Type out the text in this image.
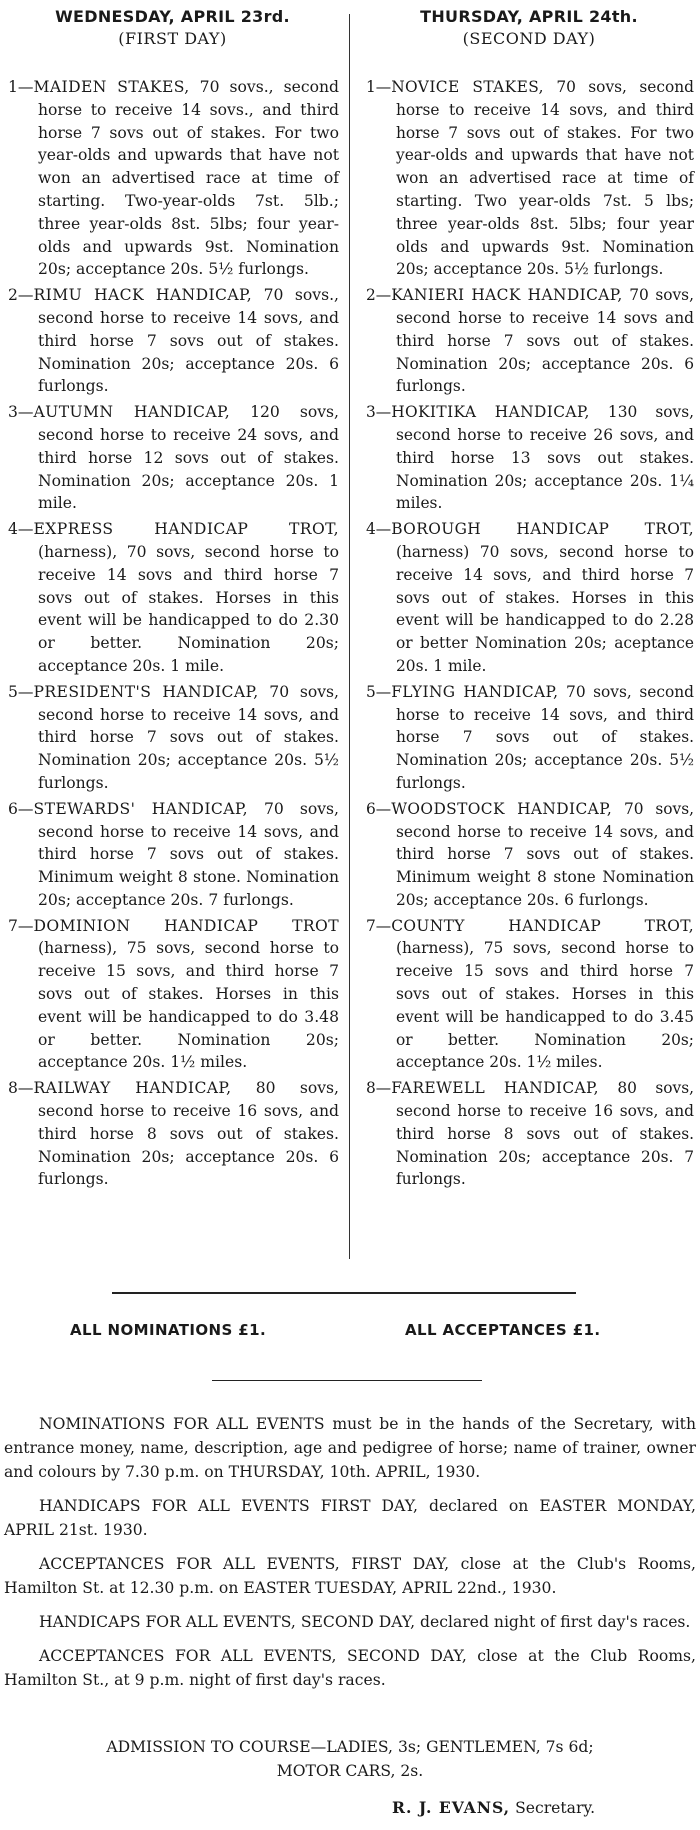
WEDNESDAY, APRIL 23rd.
(FIRST DAY)
1—MAIDEN STAKES, 70 sovs., second horse to receive 14 sovs., and third horse 7 sovs out of stakes. For two year-olds and upwards that have not won an advertised race at time of starting. Two-year-olds 7st. 5lb.; three year-olds 8st. 5lbs; four year-olds and upwards 9st. Nomination 20s; acceptance 20s. 5½ furlongs.
2—RIMU HACK HANDICAP, 70 sovs., second horse to receive 14 sovs, and third horse 7 sovs out of stakes. Nomination 20s; acceptance 20s. 6 furlongs.
3—AUTUMN HANDICAP, 120 sovs, second horse to receive 24 sovs, and third horse 12 sovs out of stakes. Nomination 20s; acceptance 20s. 1 mile.
4—EXPRESS HANDICAP TROT, (harness), 70 sovs, second horse to receive 14 sovs and third horse 7 sovs out of stakes. Horses in this event will be handicapped to do 2.30 or better. Nomination 20s; acceptance 20s. 1 mile.
5—PRESIDENT'S HANDICAP, 70 sovs, second horse to receive 14 sovs, and third horse 7 sovs out of stakes. Nomination 20s; acceptance 20s. 5½ furlongs.
6—STEWARDS' HANDICAP, 70 sovs, second horse to receive 14 sovs, and third horse 7 sovs out of stakes. Minimum weight 8 stone. Nomination 20s; acceptance 20s. 7 furlongs.
7—DOMINION HANDICAP TROT (harness), 75 sovs, second horse to receive 15 sovs, and third horse 7 sovs out of stakes. Horses in this event will be handicapped to do 3.48 or better. Nomination 20s; acceptance 20s. 1½ miles.
8—RAILWAY HANDICAP, 80 sovs, second horse to receive 16 sovs, and third horse 8 sovs out of stakes. Nomination 20s; acceptance 20s. 6 furlongs.
THURSDAY, APRIL 24th.
(SECOND DAY)
1—NOVICE STAKES, 70 sovs, second horse to receive 14 sovs, and third horse 7 sovs out of stakes. For two year-olds and upwards that have not won an advertised race at time of starting. Two year-olds 7st. 5 lbs; three year-olds 8st. 5lbs; four year olds and upwards 9st. Nomination 20s; acceptance 20s. 5½ furlongs.
2—KANIERI HACK HANDICAP, 70 sovs, second horse to receive 14 sovs and third horse 7 sovs out of stakes. Nomination 20s; acceptance 20s. 6 furlongs.
3—HOKITIKA HANDICAP, 130 sovs, second horse to receive 26 sovs, and third horse 13 sovs out stakes. Nomination 20s; acceptance 20s. 1¼ miles.
4—BOROUGH HANDICAP TROT, (harness) 70 sovs, second horse to receive 14 sovs, and third horse 7 sovs out of stakes. Horses in this event will be handicapped to do 2.28 or better Nomination 20s; aceptance 20s. 1 mile.
5—FLYING HANDICAP, 70 sovs, second horse to receive 14 sovs, and third horse 7 sovs out of stakes. Nomination 20s; acceptance 20s. 5½ furlongs.
6—WOODSTOCK HANDICAP, 70 sovs, second horse to receive 14 sovs, and third horse 7 sovs out of stakes. Minimum weight 8 stone Nomination 20s; acceptance 20s. 6 furlongs.
7—COUNTY HANDICAP TROT, (harness), 75 sovs, second horse to receive 15 sovs and third horse 7 sovs out of stakes. Horses in this event will be handicapped to do 3.45 or better. Nomination 20s; acceptance 20s. 1½ miles.
8—FAREWELL HANDICAP, 80 sovs, second horse to receive 16 sovs, and third horse 8 sovs out of stakes. Nomination 20s; acceptance 20s. 7 furlongs.
ALL NOMINATIONS £1.	ALL ACCEPTANCES £1.

NOMINATIONS FOR ALL EVENTS must be in the hands of the Secretary, with entrance money, name, description, age and pedigree of horse; name of trainer, owner and colours by 7.30 p.m. on THURSDAY, 10th. APRIL, 1930.

HANDICAPS FOR ALL EVENTS FIRST DAY, declared on EASTER MONDAY, APRIL 21st. 1930.

ACCEPTANCES FOR ALL EVENTS, FIRST DAY, close at the Club's Rooms, Hamilton St. at 12.30 p.m. on EASTER TUESDAY, APRIL 22nd., 1930.

HANDICAPS FOR ALL EVENTS, SECOND DAY, declared night of first day's races.

ACCEPTANCES FOR ALL EVENTS, SECOND DAY, close at the Club Rooms, Hamilton St., at 9 p.m. night of first day's races.

ADMISSION TO COURSE—LADIES, 3s; GENTLEMEN, 7s 6d;
MOTOR CARS, 2s.
R. J. EVANS, Secretary.
